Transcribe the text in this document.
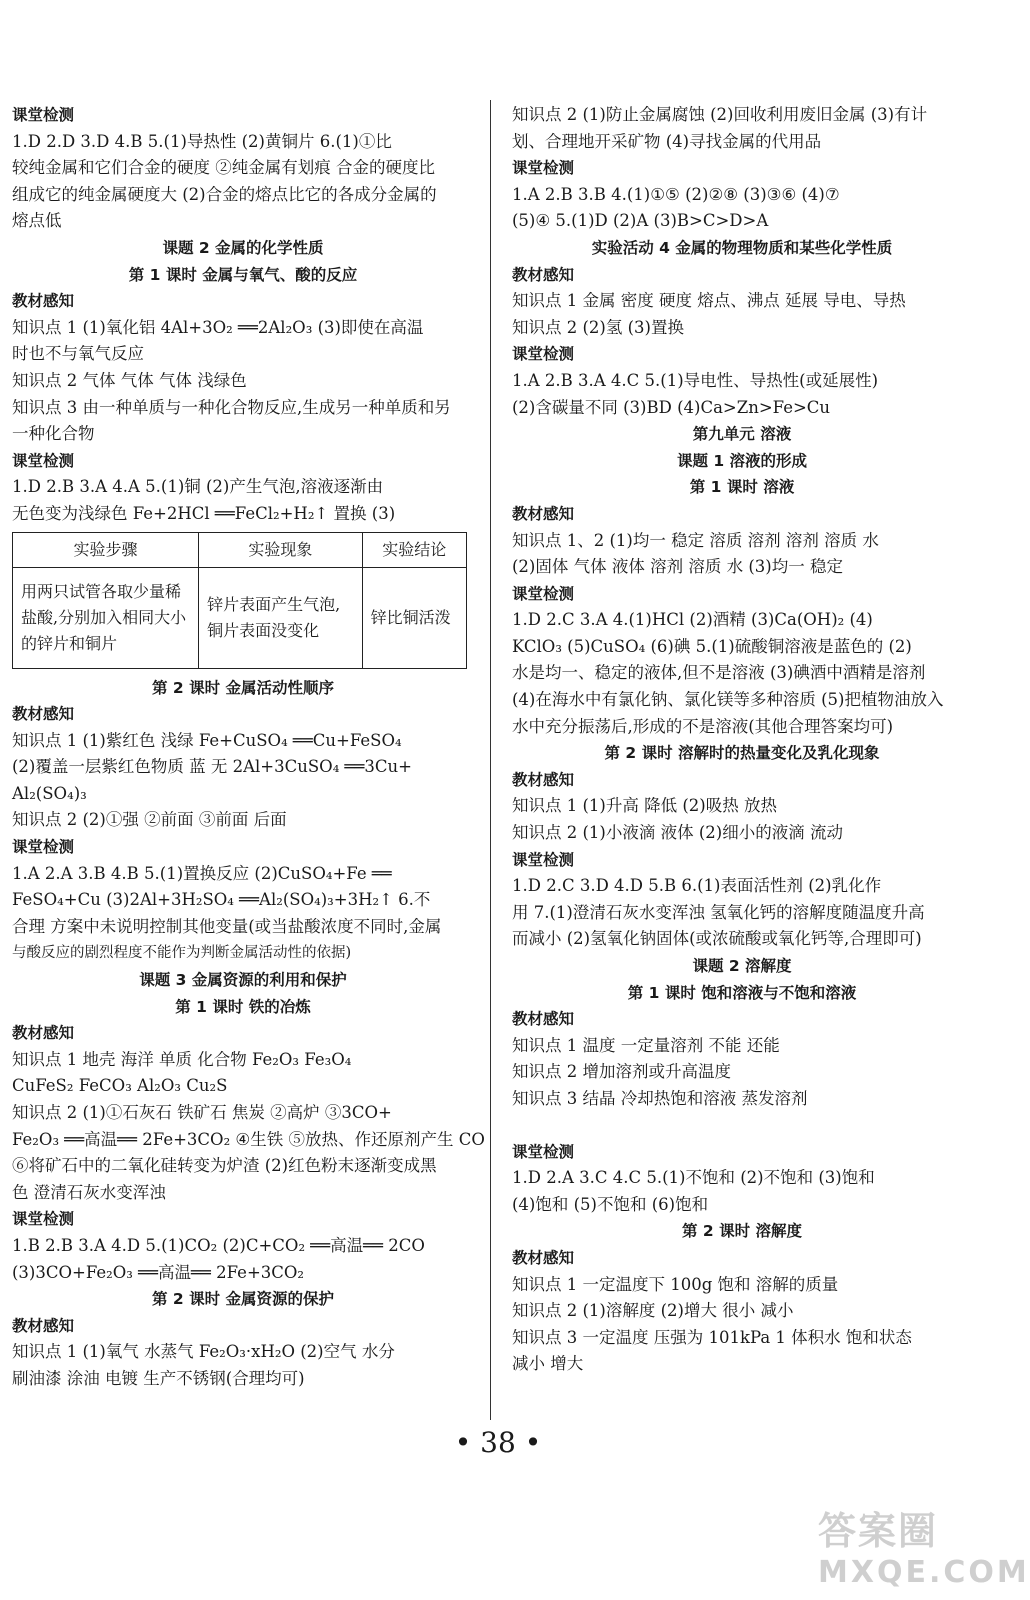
课堂检测
1.D 2.D 3.D 4.B 5.(1)导热性 (2)黄铜片 6.(1)①比
较纯金属和它们合金的硬度 ②纯金属有划痕 合金的硬度比
组成它的纯金属硬度大 (2)合金的熔点比它的各成分金属的
熔点低
课题 2 金属的化学性质
第 1 课时 金属与氧气、酸的反应
教材感知
知识点 1 (1)氧化铝 4Al+3O₂ ══2Al₂O₃ (3)即使在高温
时也不与氧气反应
知识点 2 气体 气体 气体 浅绿色
知识点 3 由一种单质与一种化合物反应,生成另一种单质和另
一种化合物
课堂检测
1.D 2.B 3.A 4.A 5.(1)铜 (2)产生气泡,溶液逐渐由
无色变为浅绿色 Fe+2HCl ══FeCl₂+H₂↑ 置换 (3)
实验步骤	实验现象	实验结论
用两只试管各取少量稀盐酸,分别加入相同大小的锌片和铜片	锌片表面产生气泡,铜片表面没变化	锌比铜活泼
第 2 课时 金属活动性顺序
教材感知
知识点 1 (1)紫红色 浅绿 Fe+CuSO₄ ══Cu+FeSO₄
(2)覆盖一层紫红色物质 蓝 无 2Al+3CuSO₄ ══3Cu+
Al₂(SO₄)₃
知识点 2 (2)①强 ②前面 ③前面 后面
课堂检测
1.A 2.A 3.B 4.B 5.(1)置换反应 (2)CuSO₄+Fe ══
FeSO₄+Cu (3)2Al+3H₂SO₄ ══Al₂(SO₄)₃+3H₂↑ 6.不
合理 方案中未说明控制其他变量(或当盐酸浓度不同时,金属
与酸反应的剧烈程度不能作为判断金属活动性的依据)
课题 3 金属资源的利用和保护
第 1 课时 铁的冶炼
教材感知
知识点 1 地壳 海洋 单质 化合物 Fe₂O₃ Fe₃O₄
CuFeS₂ FeCO₃ Al₂O₃ Cu₂S
知识点 2 (1)①石灰石 铁矿石 焦炭 ②高炉 ③3CO+
Fe₂O₃ ══高温══ 2Fe+3CO₂ ④生铁 ⑤放热、作还原剂产生 CO
⑥将矿石中的二氧化硅转变为炉渣 (2)红色粉末逐渐变成黑
色 澄清石灰水变浑浊
课堂检测
1.B 2.B 3.A 4.D 5.(1)CO₂ (2)C+CO₂ ══高温══ 2CO
(3)3CO+Fe₂O₃ ══高温══ 2Fe+3CO₂
第 2 课时 金属资源的保护
教材感知
知识点 1 (1)氧气 水蒸气 Fe₂O₃·xH₂O (2)空气 水分
刷油漆 涂油 电镀 生产不锈钢(合理均可)
知识点 2 (1)防止金属腐蚀 (2)回收利用废旧金属 (3)有计
划、合理地开采矿物 (4)寻找金属的代用品
课堂检测
1.A 2.B 3.B 4.(1)①⑤ (2)②⑧ (3)③⑥ (4)⑦
(5)④ 5.(1)D (2)A (3)B>C>D>A
实验活动 4 金属的物理物质和某些化学性质
教材感知
知识点 1 金属 密度 硬度 熔点、沸点 延展 导电、导热
知识点 2 (2)氢 (3)置换
课堂检测
1.A 2.B 3.A 4.C 5.(1)导电性、导热性(或延展性)
(2)含碳量不同 (3)BD (4)Ca>Zn>Fe>Cu
第九单元 溶液
课题 1 溶液的形成
第 1 课时 溶液
教材感知
知识点 1、2 (1)均一 稳定 溶质 溶剂 溶剂 溶质 水
(2)固体 气体 液体 溶剂 溶质 水 (3)均一 稳定
课堂检测
1.D 2.C 3.A 4.(1)HCl (2)酒精 (3)Ca(OH)₂ (4)
KClO₃ (5)CuSO₄ (6)碘 5.(1)硫酸铜溶液是蓝色的 (2)
水是均一、稳定的液体,但不是溶液 (3)碘酒中酒精是溶剂
(4)在海水中有氯化钠、氯化镁等多种溶质 (5)把植物油放入
水中充分振荡后,形成的不是溶液(其他合理答案均可)
第 2 课时 溶解时的热量变化及乳化现象
教材感知
知识点 1 (1)升高 降低 (2)吸热 放热
知识点 2 (1)小液滴 液体 (2)细小的液滴 流动
课堂检测
1.D 2.C 3.D 4.D 5.B 6.(1)表面活性剂 (2)乳化作
用 7.(1)澄清石灰水变浑浊 氢氧化钙的溶解度随温度升高
而减小 (2)氢氧化钠固体(或浓硫酸或氧化钙等,合理即可)
课题 2 溶解度
第 1 课时 饱和溶液与不饱和溶液
教材感知
知识点 1 温度 一定量溶剂 不能 还能
知识点 2 增加溶剂或升高温度
知识点 3 结晶 冷却热饱和溶液 蒸发溶剂
课堂检测
1.D 2.A 3.C 4.C 5.(1)不饱和 (2)不饱和 (3)饱和
(4)饱和 (5)不饱和 (6)饱和
第 2 课时 溶解度
教材感知
知识点 1 一定温度下 100g 饱和 溶解的质量
知识点 2 (1)溶解度 (2)增大 很小 减小
知识点 3 一定温度 压强为 101kPa 1 体积水 饱和状态
减小 增大
• 38 •
答案圈
MXQE.COM
